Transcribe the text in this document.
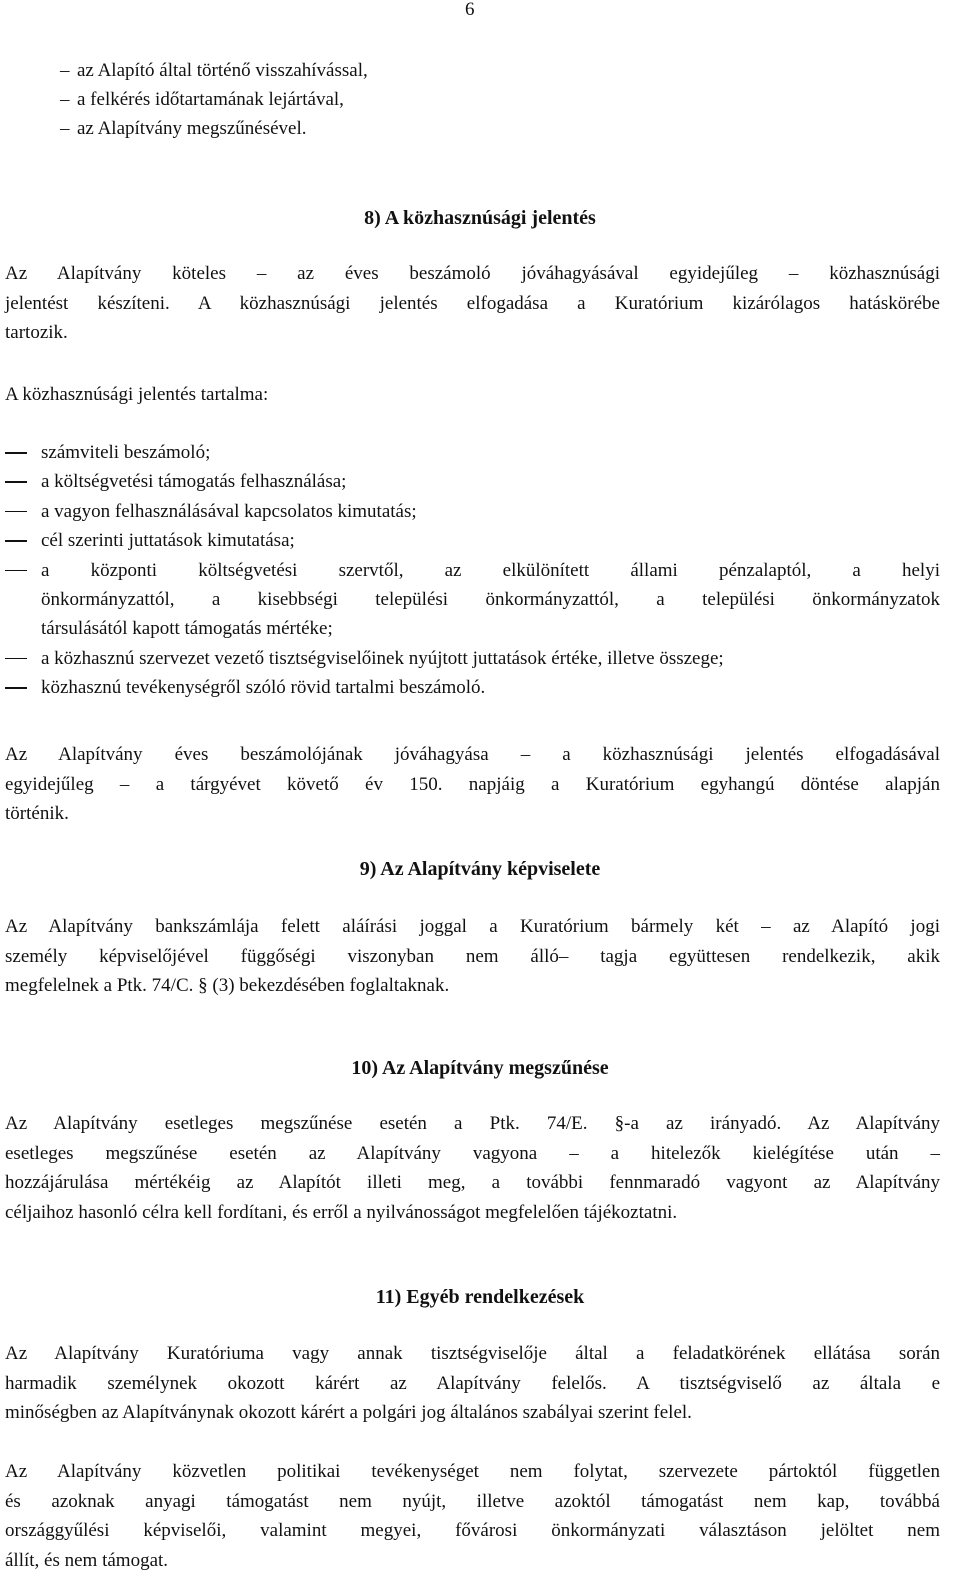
6
– az Alapító által történő visszahívással,
– a felkérés időtartamának lejártával,
– az Alapítvány megszűnésével.
8) A közhasznúsági jelentés
Az Alapítvány köteles – az éves beszámoló jóváhagyásával egyidejűleg – közhasznúsági
jelentést készíteni. A közhasznúsági jelentés elfogadása a Kuratórium kizárólagos hatáskörébe
tartozik.
A közhasznúsági jelentés tartalma:
számviteli beszámoló;
a költségvetési támogatás felhasználása;
a vagyon felhasználásával kapcsolatos kimutatás;
cél szerinti juttatások kimutatása;
a központi költségvetési szervtől, az elkülönített állami pénzalaptól, a helyi
önkormányzattól, a kisebbségi települési önkormányzattól, a települési önkormányzatok
társulásától kapott támogatás mértéke;
a közhasznú szervezet vezető tisztségviselőinek nyújtott juttatások értéke, illetve összege;
közhasznú tevékenységről szóló rövid tartalmi beszámoló.
Az Alapítvány éves beszámolójának jóváhagyása – a közhasznúsági jelentés elfogadásával
egyidejűleg – a tárgyévet követő év 150. napjáig a Kuratórium egyhangú döntése alapján
történik.
9) Az Alapítvány képviselete
Az Alapítvány bankszámlája felett aláírási joggal a Kuratórium bármely két – az Alapító jogi
személy képviselőjével függőségi viszonyban nem álló– tagja együttesen rendelkezik, akik
megfelelnek a Ptk. 74/C. § (3) bekezdésében foglaltaknak.
10) Az Alapítvány megszűnése
Az Alapítvány esetleges megszűnése esetén a Ptk. 74/E. §-a az irányadó. Az Alapítvány
esetleges megszűnése esetén az Alapítvány vagyona – a hitelezők kielégítése után –
hozzájárulása mértékéig az Alapítót illeti meg, a további fennmaradó vagyont az Alapítvány
céljaihoz hasonló célra kell fordítani, és erről a nyilvánosságot megfelelően tájékoztatni.
11) Egyéb rendelkezések
Az Alapítvány Kuratóriuma vagy annak tisztségviselője által a feladatkörének ellátása során
harmadik személynek okozott kárért az Alapítvány felelős. A tisztségviselő az általa e
minőségben az Alapítványnak okozott kárért a polgári jog általános szabályai szerint felel.
Az Alapítvány közvetlen politikai tevékenységet nem folytat, szervezete pártoktól független
és azoknak anyagi támogatást nem nyújt, illetve azoktól támogatást nem kap, továbbá
országgyűlési képviselői, valamint megyei, fővárosi önkormányzati választáson jelöltet nem
állít, és nem támogat.
